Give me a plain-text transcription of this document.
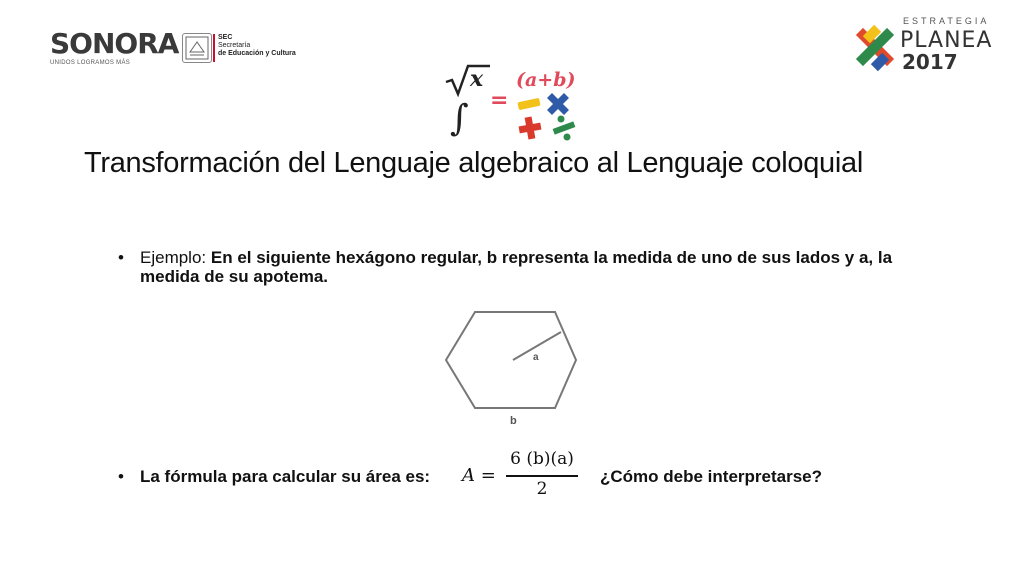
SONORA
UNIDOS LOGRAMOS MÁS
SEC
Secretaría
de Educación y Cultura
ESTRATEGIA
PLANEA
2017
x
∫ =
(a+b)
Transformación del Lenguaje algebraico al Lenguaje coloquial
• Ejemplo: En el siguiente hexágono regular, b representa la medida de uno de sus lados y a, la medida de su apotema.
a
b
• La fórmula para calcular su área es:	A =
6 (b)(a)
2
¿Cómo debe interpretarse?
